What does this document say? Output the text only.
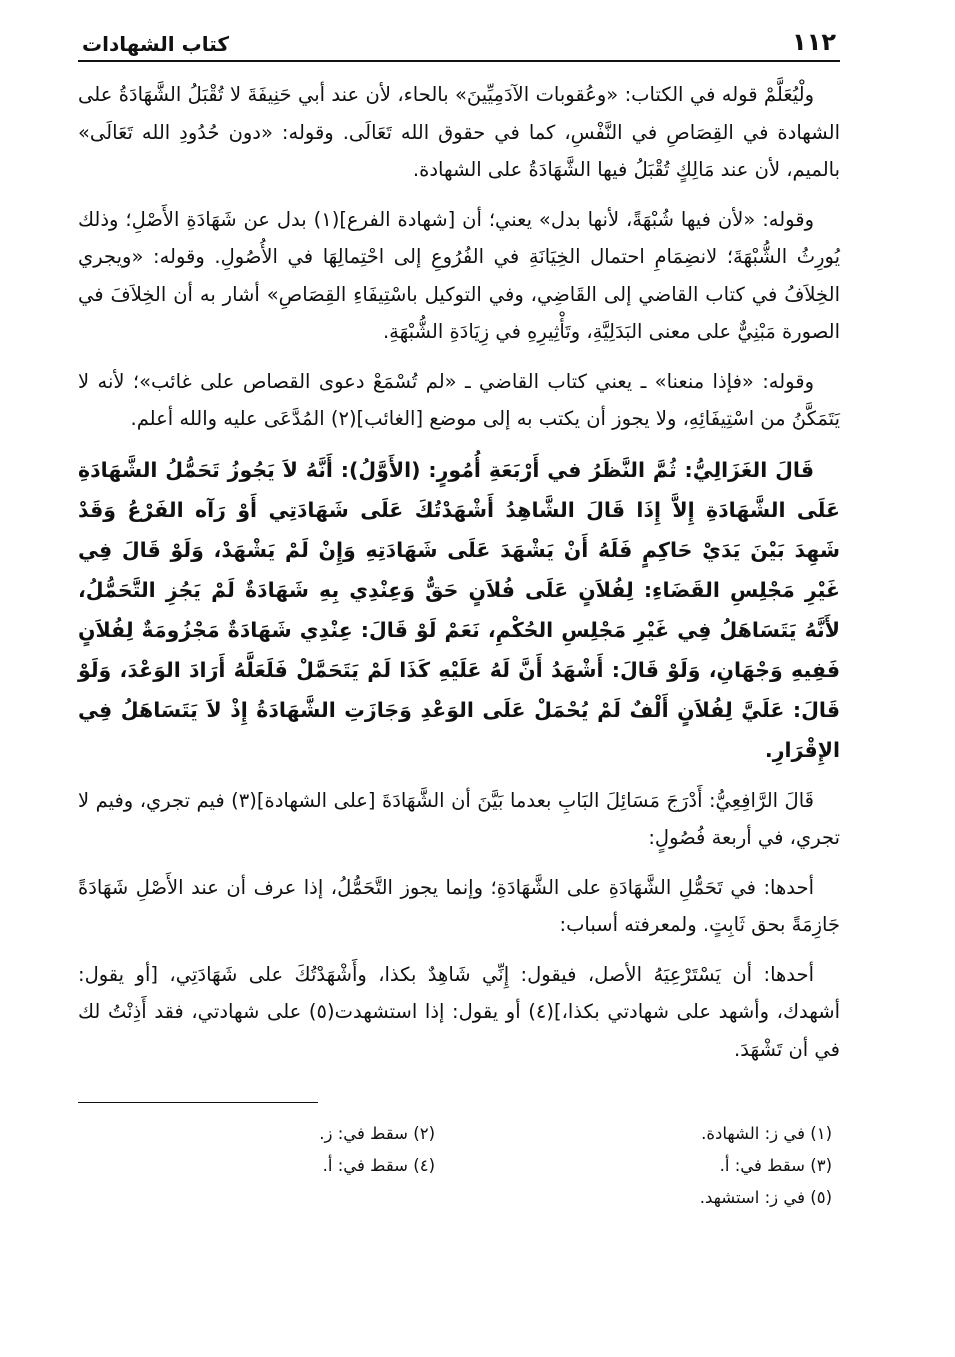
١١٢
كتاب الشهادات

ولْيُعَلَّمْ قوله في الكتاب: «وعُقوبات الآدَمِيِّينَ» بالحاء، لأن عند أبي حَنِيفَةَ لا تُقْبَلُ الشَّهَادَةُ على الشهادة في القِصَاصِ في النَّفْسِ، كما في حقوق الله تَعَالَى. وقوله: «دون حُدُودِ الله تَعَالَى» بالميم، لأن عند مَالِكٍ تُقْبَلُ فيها الشَّهَادَةُ على الشهادة.

وقوله: «لأن فيها شُبْهَةً، لأنها بدل» يعني؛ أن [شهادة الفرع](١) بدل عن شَهَادَةِ الأَصْلِ؛ وذلك يُورِثُ الشُّبْهَةَ؛ لانضِمَامِ احتمال الخِيَانَةِ في الفُرُوعِ إلى احْتِمالِهَا في الأُصُولِ. وقوله: «ويجري الخِلاَفُ في كتاب القاضي إلى القَاضِي، وفي التوكيل باسْتِيفَاءِ القِصَاصِ» أشار به أن الخِلاَفَ في الصورة مَبْنِيٌّ على معنى البَدَلِيَّةِ، وتَأْثِيرِهِ في زِيَادَةِ الشُّبْهَةِ.

وقوله: «فإذا منعنا» ـ يعني كتاب القاضي ـ «لم تُسْمَعْ دعوى القصاص على غائب»؛ لأنه لا يَتَمَكَّنُ من اسْتِيفَائِهِ، ولا يجوز أن يكتب به إلى موضع [الغائب](٢) المُدَّعَى عليه والله أعلم.

قَالَ الغَزَالِيُّ: ثُمَّ النَّظَرُ في أَرْبَعَةِ أُمُورٍ: (الأَوَّلُ): أَنَّهُ لاَ يَجُوزُ تَحَمُّلُ الشَّهَادَةِ عَلَى الشَّهَادَةِ إِلاَّ إِذَا قَالَ الشَّاهِدُ أَشْهَدْتُكَ عَلَى شَهَادَتِي أَوْ رَآه الفَرْعُ وَقَدْ شَهِدَ بَيْنَ يَدَيْ حَاكِمٍ فَلَهُ أَنْ يَشْهَدَ عَلَى شَهَادَتِهِ وَإِنْ لَمْ يَشْهَدْ، وَلَوْ قَالَ فِي غَيْرِ مَجْلِسِ القَضَاءِ: لِفُلاَنٍ عَلَى فُلاَنٍ حَقٌّ وَعِنْدِي بِهِ شَهَادَةٌ لَمْ يَجُزِ التَّحَمُّلُ، لأَنَّهُ يَتَسَاهَلُ فِي غَيْرِ مَجْلِسِ الحُكْمِ، نَعَمْ لَوْ قَالَ: عِنْدِي شَهَادَةٌ مَجْزُومَةٌ لِفُلاَنٍ فَفِيهِ وَجْهَانِ، وَلَوْ قَالَ: أَشْهَدُ أَنَّ لَهُ عَلَيْهِ كَذَا لَمْ يَتَحَمَّلْ فَلَعَلَّهُ أَرَادَ الوَعْدَ، وَلَوْ قَالَ: عَلَيَّ لِفُلاَنٍ أَلْفٌ لَمْ يُحْمَلْ عَلَى الوَعْدِ وَجَازَتِ الشَّهَادَةُ إِذْ لاَ يَتَسَاهَلُ فِي الإِقْرَارِ.

قَالَ الرَّافِعِيُّ: أَدْرَجَ مَسَائِلَ البَابِ بعدما بَيَّنَ أن الشَّهَادَةَ [على الشهادة](٣) فيم تجري، وفيم لا تجري، في أربعة فُصُولٍ:

أحدها: في تَحَمُّلِ الشَّهَادَةِ على الشَّهَادَةِ؛ وإنما يجوز التَّحَمُّلُ، إذا عرف أن عند الأَصْلِ شَهَادَةً جَازِمَةً بحق ثَابِتٍ. ولمعرفته أسباب:

أحدها: أن يَسْتَرْعِيَهُ الأصل، فيقول: إِنِّي شَاهِدٌ بكذا، وأَشْهَدْتُكَ على شَهَادَتِي، [أو يقول: أشهدك، وأشهد على شهادتي بكذا،](٤) أو يقول: إذا استشهدت(٥) على شهادتي، فقد أَذِنْتُ لك في أن تَشْهَدَ.

(١) في ز: الشهادة.
(٢) سقط في: ز.
(٣) سقط في: أ.
(٤) سقط في: أ.
(٥) في ز: استشهد.
